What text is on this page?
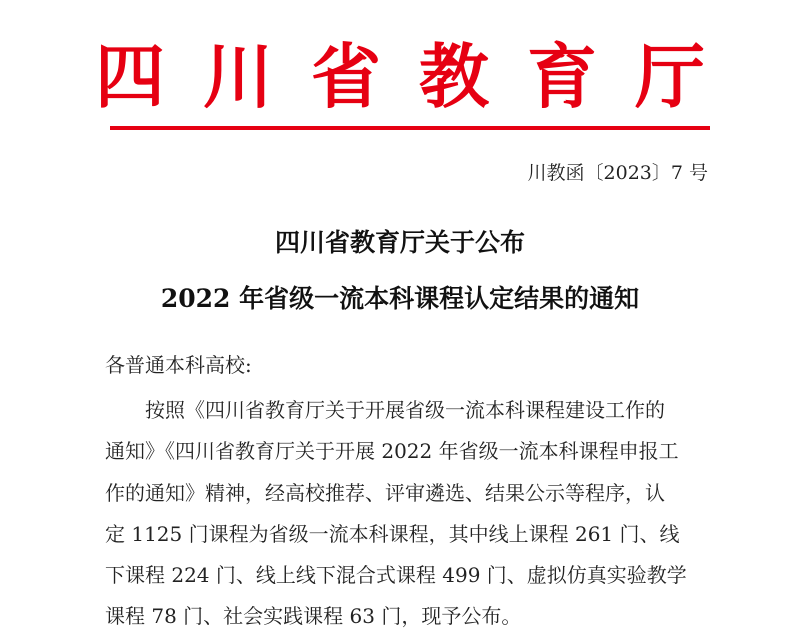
四 川 省 教 育 厅
川教函〔2023〕7 号
四川省教育厅关于公布
2022 年省级一流本科课程认定结果的通知
各普通本科高校:
按照《四川省教育厅关于开展省级一流本科课程建设工作的
通知》《四川省教育厅关于开展 2022 年省级一流本科课程申报工
作的通知》精神，经高校推荐、评审遴选、结果公示等程序，认
定 1125 门课程为省级一流本科课程，其中线上课程 261 门、线
下课程 224 门、线上线下混合式课程 499 门、虚拟仿真实验教学
课程 78 门、社会实践课程 63 门，现予公布。
